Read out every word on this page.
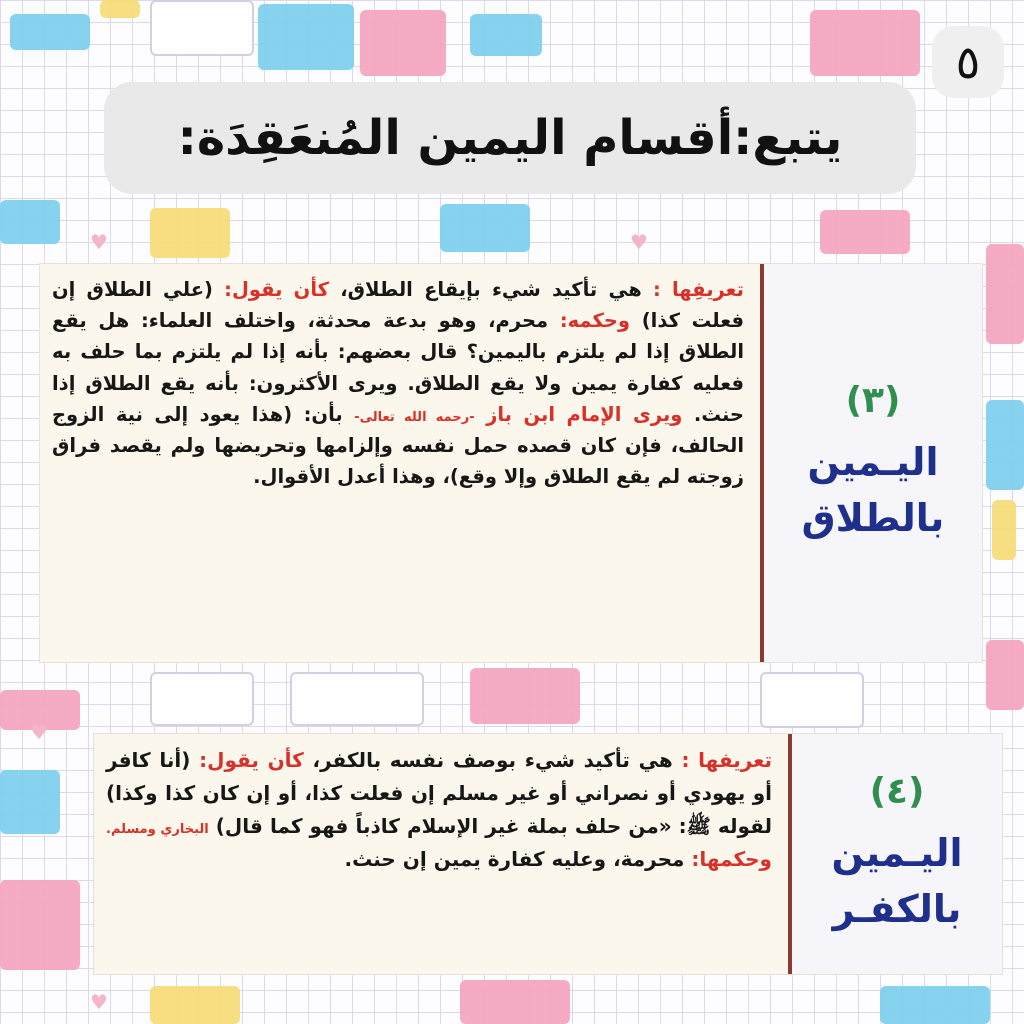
♥
♥
♥
♥
٥
يتبع:أقسام اليمين المُنعَقِدَة:
(٣)
اليـمين
بالطلاق
تعريفِها : هي تأكيد شيء بإيقاع الطلاق، كأن يقول: (علي الطلاق إن فعلت كذا) وحكمه: محرم، وهو بدعة محدثة، واختلف العلماء: هل يقع الطلاق إذا لم يلتزم باليمين؟ قال بعضهم: بأنه إذا لم يلتزم بما حلف به فعليه كفارة يمين ولا يقع الطلاق. ويرى الأكثرون: بأنه يقع الطلاق إذا حنث. ويرى الإمام ابن باز -رحمه الله تعالى- بأن: (هذا يعود إلى نية الزوج الحالف، فإن كان قصده حمل نفسه وإلزامها وتحريضها ولم يقصد فراق زوجته لم يقع الطلاق وإلا وقع)، وهذا أعدل الأقوال.
(٤)
اليـمين
بالكفـر
تعريفها : هي تأكيد شيء بوصف نفسه بالكفر، كأن يقول: (أنا كافر أو يهودي أو نصراني أو غير مسلم إن فعلت كذا، أو إن كان كذا وكذا) لقوله ﷺ: «من حلف بملة غير الإسلام كاذباً فهو كما قال) البخاري ومسلم. وحكمها: محرمة، وعليه كفارة يمين إن حنث.
